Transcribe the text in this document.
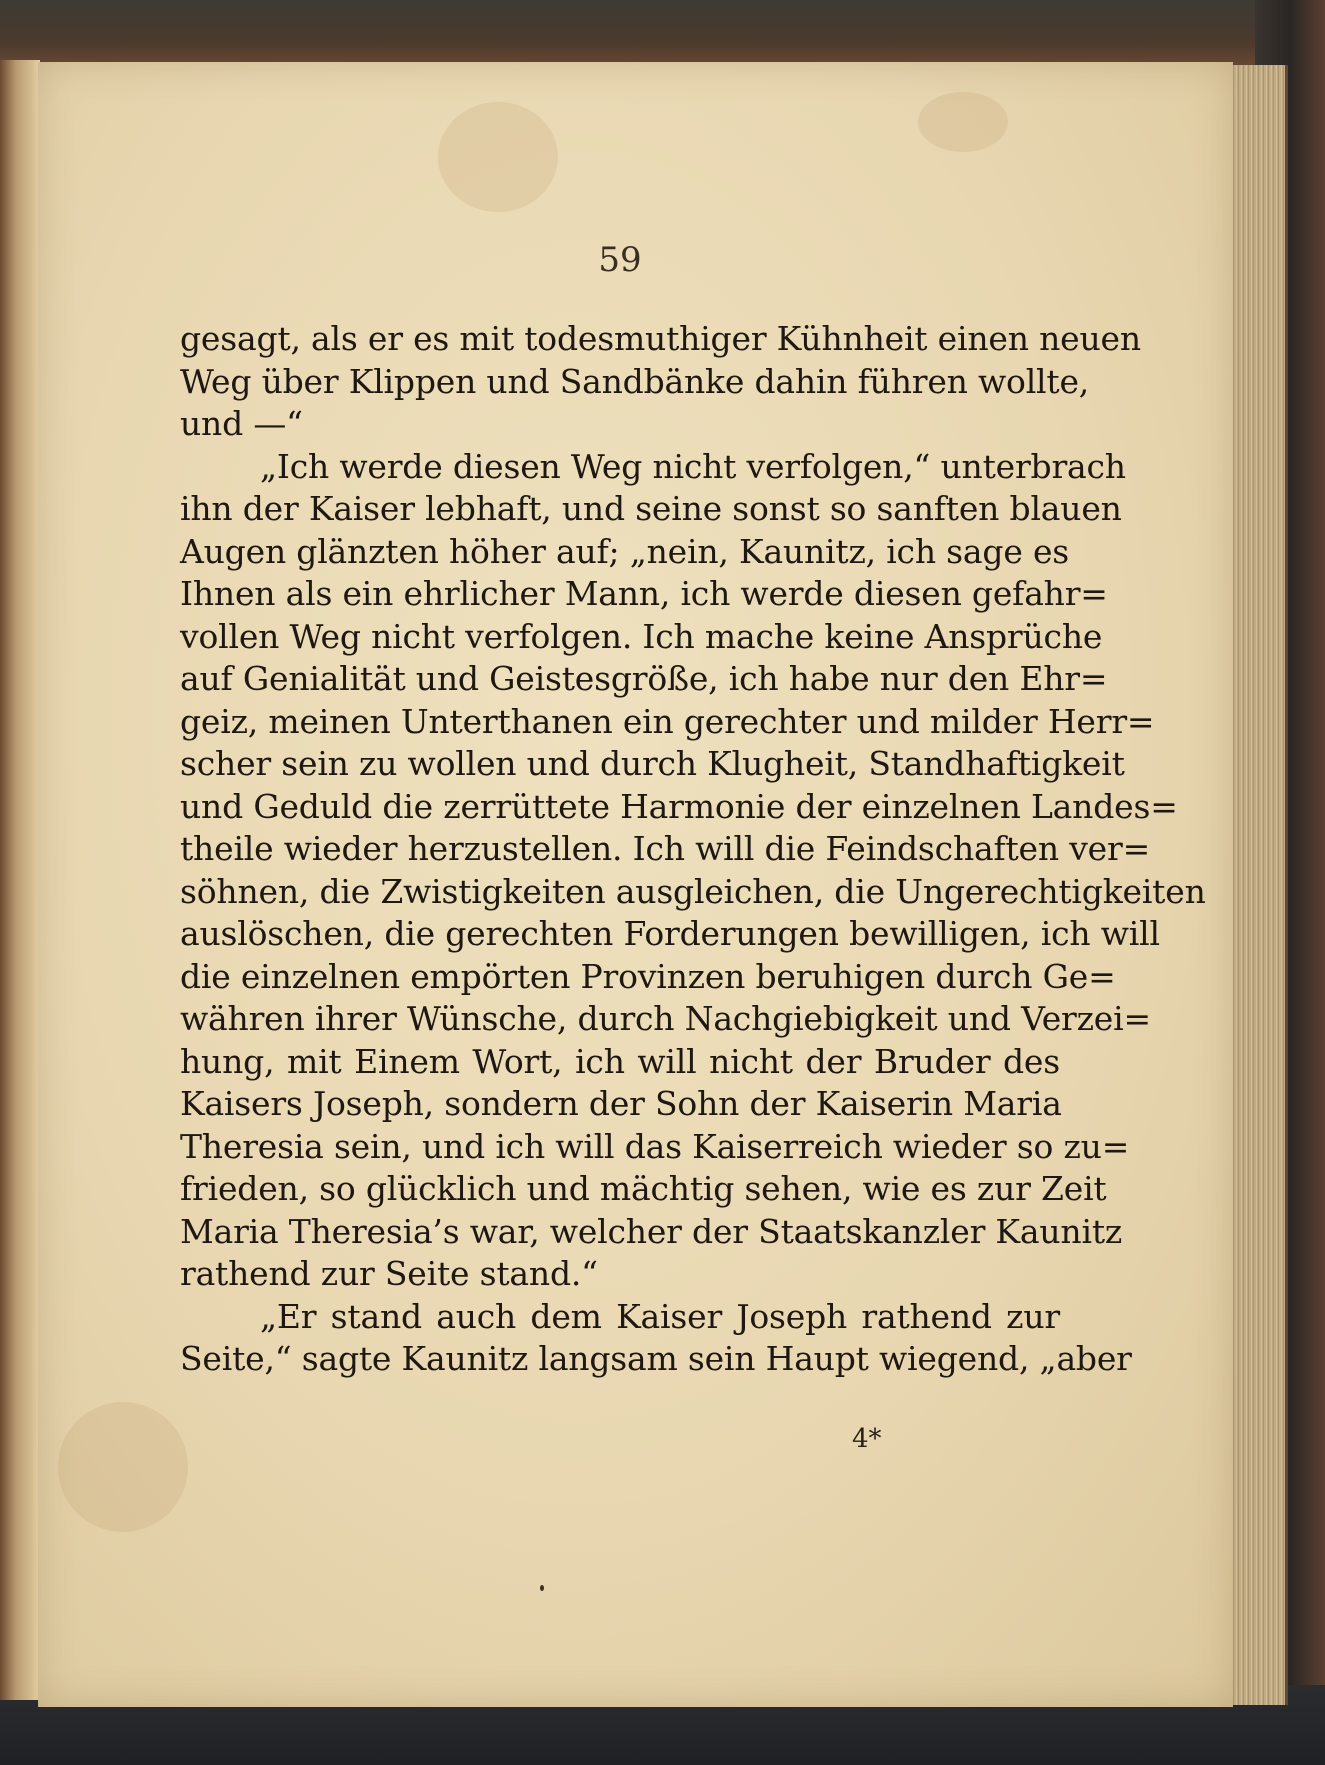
59
gesagt, als er es mit todesmuthiger Kühnheit einen neuen
Weg über Klippen und Sandbänke dahin führen wollte,
und —“
„Ich werde diesen Weg nicht verfolgen,“ unterbrach
ihn der Kaiser lebhaft, und seine sonst so sanften blauen
Augen glänzten höher auf; „nein, Kaunitz, ich sage es
Ihnen als ein ehrlicher Mann, ich werde diesen gefahr=
vollen Weg nicht verfolgen. Ich mache keine Ansprüche
auf Genialität und Geistesgröße, ich habe nur den Ehr=
geiz, meinen Unterthanen ein gerechter und milder Herr=
scher sein zu wollen und durch Klugheit, Standhaftigkeit
und Geduld die zerrüttete Harmonie der einzelnen Landes=
theile wieder herzustellen. Ich will die Feindschaften ver=
söhnen, die Zwistigkeiten ausgleichen, die Ungerechtigkeiten
auslöschen, die gerechten Forderungen bewilligen, ich will
die einzelnen empörten Provinzen beruhigen durch Ge=
währen ihrer Wünsche, durch Nachgiebigkeit und Verzei=
hung, mit Einem Wort, ich will nicht der Bruder des
Kaisers Joseph, sondern der Sohn der Kaiserin Maria
Theresia sein, und ich will das Kaiserreich wieder so zu=
frieden, so glücklich und mächtig sehen, wie es zur Zeit
Maria Theresia’s war, welcher der Staatskanzler Kaunitz
rathend zur Seite stand.“
„Er stand auch dem Kaiser Joseph rathend zur
Seite,“ sagte Kaunitz langsam sein Haupt wiegend, „aber
4*
